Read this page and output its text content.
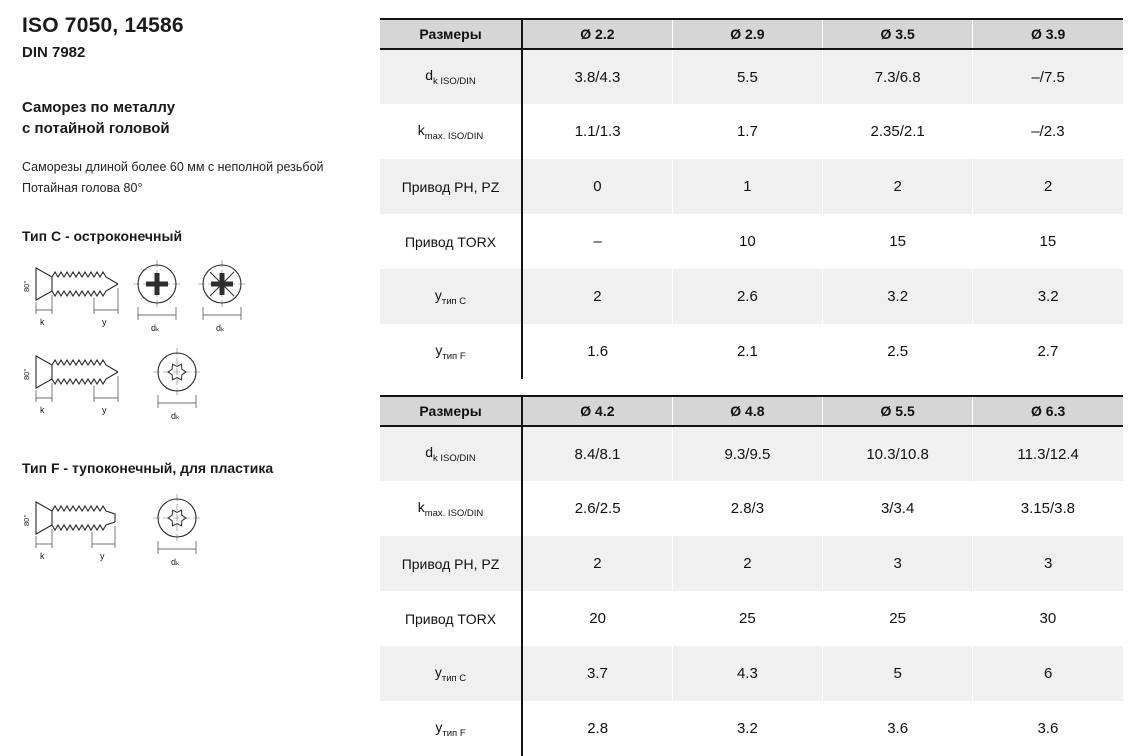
ISO 7050, 14586
DIN 7982
Саморез по металлу
с потайной головой

Саморезы длиной более 60 мм с неполной резьбой
Потайная голова 80°

Тип C - остроконечный
80°
k	y
dₖ	dₖ
80°
k	y
dₖ
Тип F - тупоконечный, для пластика
80°
k	y
dₖ
Размеры	Ø 2.2	Ø 2.9	Ø 3.5	Ø 3.9
$d_{k ISO/DIN}$	3.8/4.3	5.5	7.3/6.8	–/7.5
$k_{max. ISO/DIN}$	1.1/1.3	1.7	2.35/2.1	–/2.3
Привод PH, PZ	0	1	2	2
Привод TORX	–	10	15	15
$y_{тип C}$	2	2.6	3.2	3.2
$y_{тип F}$	1.6	2.1	2.5	2.7
Размеры	Ø 4.2	Ø 4.8	Ø 5.5	Ø 6.3
$d_{k ISO/DIN}$	8.4/8.1	9.3/9.5	10.3/10.8	11.3/12.4
$k_{max. ISO/DIN}$	2.6/2.5	2.8/3	3/3.4	3.15/3.8
Привод PH, PZ	2	2	3	3
Привод TORX	20	25	25	30
$y_{тип C}$	3.7	4.3	5	6
$y_{тип F}$	2.8	3.2	3.6	3.6
